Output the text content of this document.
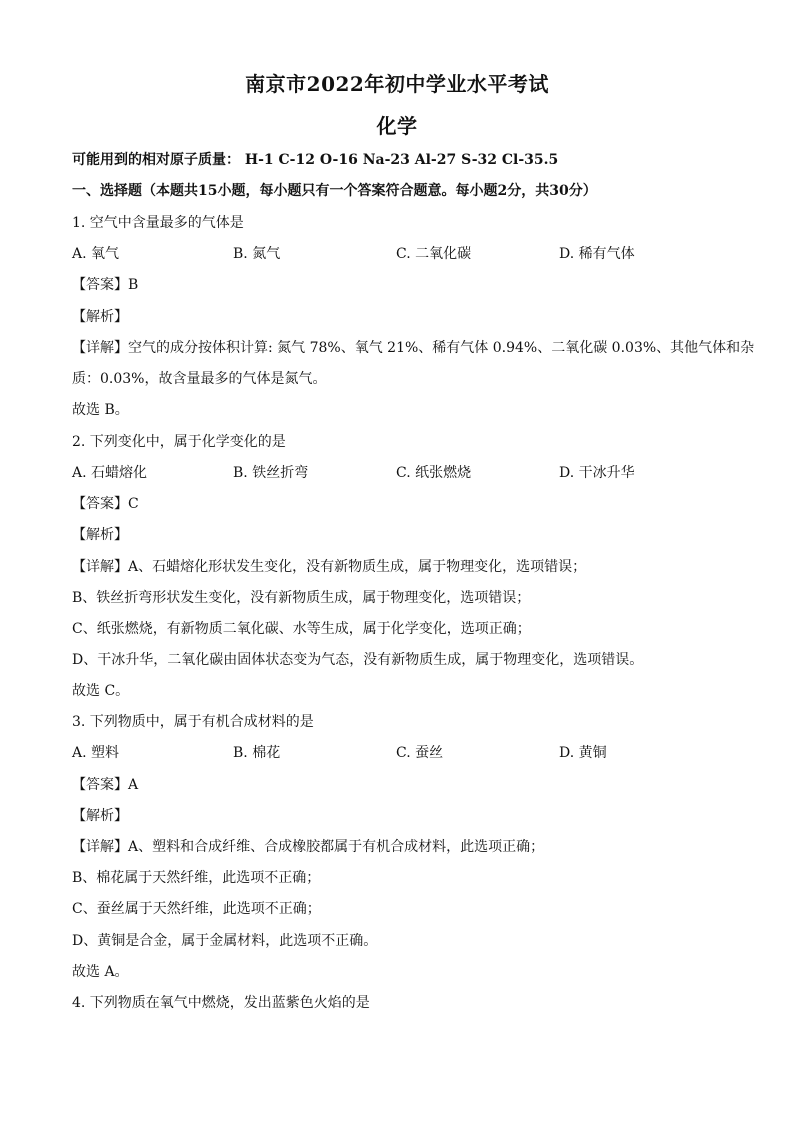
南京市2022年初中学业水平考试
化学
可能用到的相对原子质量： H-1 C-12 O-16 Na-23 Al-27 S-32 Cl-35.5
一、选择题（本题共15小题，每小题只有一个答案符合题意。每小题2分，共30分）
1. 空气中含量最多的气体是
A. 氧气	B. 氮气	C. 二氧化碳	D. 稀有气体
【答案】B
【解析】
【详解】空气的成分按体积计算: 氮气 78%、氧气 21%、稀有气体 0.94%、二氧化碳 0.03%、其他气体和杂
质：0.03%，故含量最多的气体是氮气。
故选 B。
2. 下列变化中，属于化学变化的是
A. 石蜡熔化	B. 铁丝折弯	C. 纸张燃烧	D. 干冰升华
【答案】C
【解析】
【详解】A、石蜡熔化形状发生变化，没有新物质生成，属于物理变化，选项错误；
B、铁丝折弯形状发生变化，没有新物质生成，属于物理变化，选项错误；
C、纸张燃烧，有新物质二氧化碳、水等生成，属于化学变化，选项正确；
D、干冰升华，二氧化碳由固体状态变为气态，没有新物质生成，属于物理变化，选项错误。
故选 C。
3. 下列物质中，属于有机合成材料的是
A. 塑料	B. 棉花	C. 蚕丝	D. 黄铜
【答案】A
【解析】
【详解】A、塑料和合成纤维、合成橡胶都属于有机合成材料，此选项正确；
B、棉花属于天然纤维，此选项不正确；
C、蚕丝属于天然纤维，此选项不正确；
D、黄铜是合金，属于金属材料，此选项不正确。
故选 A。
4. 下列物质在氧气中燃烧，发出蓝紫色火焰的是
